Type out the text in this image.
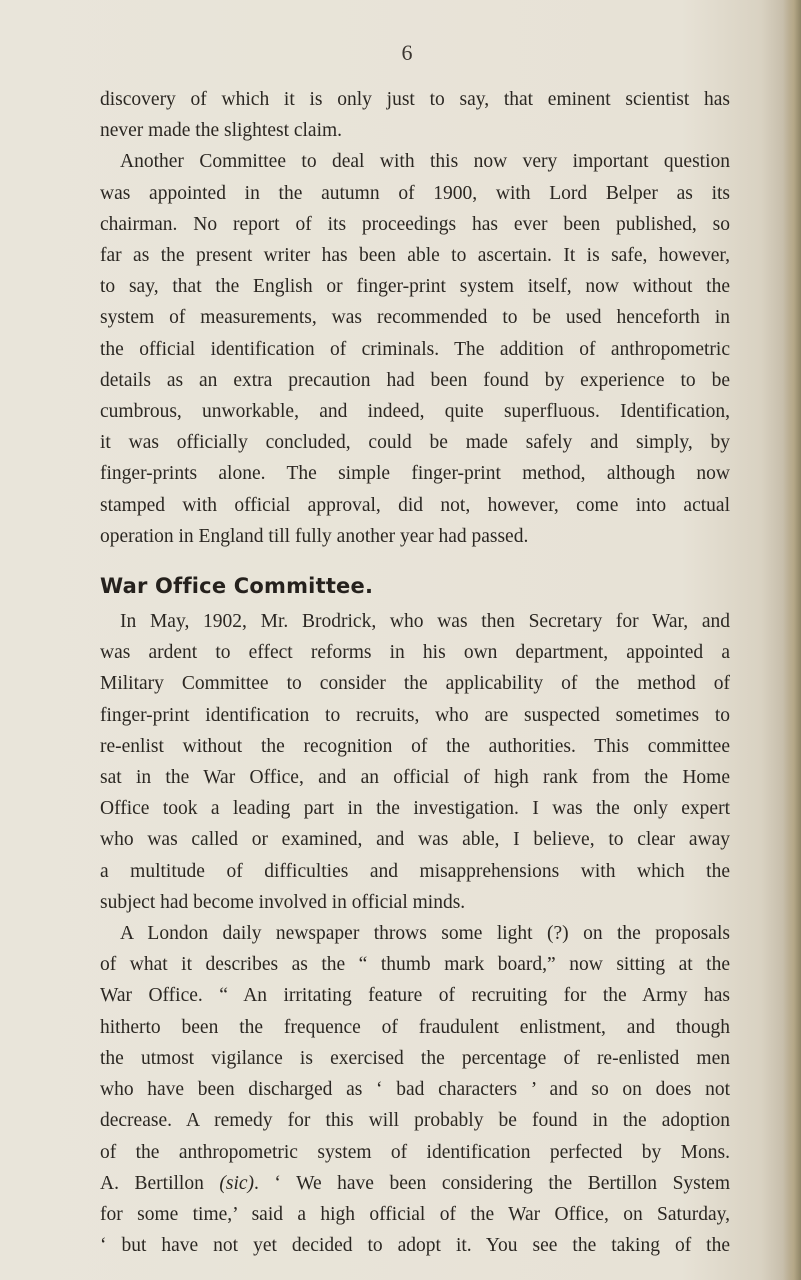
6

discovery of which it is only just to say, that eminent scientist has
never made the slightest claim.

Another Committee to deal with this now very important question
was appointed in the autumn of 1900, with Lord Belper as its
chairman. No report of its proceedings has ever been published, so
far as the present writer has been able to ascertain. It is safe, however,
to say, that the English or finger-print system itself, now without the
system of measurements, was recommended to be used henceforth in
the official identification of criminals. The addition of anthropometric
details as an extra precaution had been found by experience to be
cumbrous, unworkable, and indeed, quite superfluous. Identification,
it was officially concluded, could be made safely and simply, by
finger-prints alone. The simple finger-print method, although now
stamped with official approval, did not, however, come into actual
operation in England till fully another year had passed.

War Office Committee.

In May, 1902, Mr. Brodrick, who was then Secretary for War, and
was ardent to effect reforms in his own department, appointed a
Military Committee to consider the applicability of the method of
finger-print identification to recruits, who are suspected sometimes to
re-enlist without the recognition of the authorities. This committee
sat in the War Office, and an official of high rank from the Home
Office took a leading part in the investigation. I was the only expert
who was called or examined, and was able, I believe, to clear away
a multitude of difficulties and misapprehensions with which the
subject had become involved in official minds.

A London daily newspaper throws some light (?) on the proposals
of what it describes as the “ thumb mark board,” now sitting at the
War Office. “ An irritating feature of recruiting for the Army has
hitherto been the frequence of fraudulent enlistment, and though
the utmost vigilance is exercised the percentage of re-enlisted men
who have been discharged as ‘ bad characters ’ and so on does not
decrease. A remedy for this will probably be found in the adoption
of the anthropometric system of identification perfected by Mons.
A. Bertillon (sic). ‘ We have been considering the Bertillon System
for some time,’ said a high official of the War Office, on Saturday,
‘ but have not yet decided to adopt it. You see the taking of the
